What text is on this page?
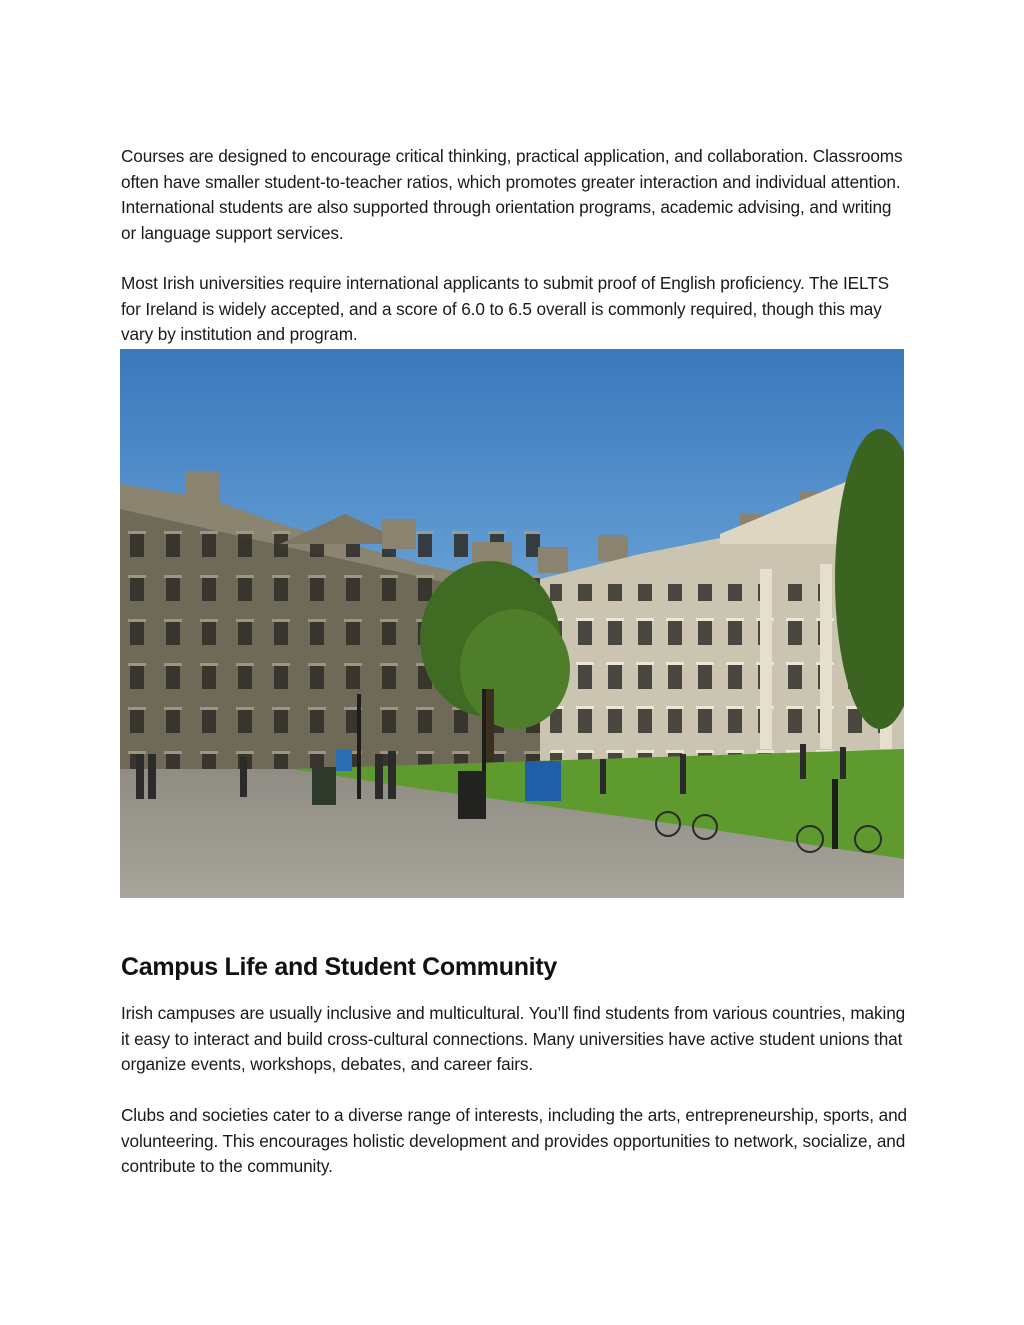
Courses are designed to encourage critical thinking, practical application, and collaboration. Classrooms often have smaller student-to-teacher ratios, which promotes greater interaction and individual attention. International students are also supported through orientation programs, academic advising, and writing or language support services.

Most Irish universities require international applicants to submit proof of English proficiency. The IELTS for Ireland is widely accepted, and a score of 6.0 to 6.5 overall is commonly required, though this may vary by institution and program.

Campus Life and Student Community

Irish campuses are usually inclusive and multicultural. You’ll find students from various countries, making it easy to interact and build cross-cultural connections. Many universities have active student unions that organize events, workshops, debates, and career fairs.

Clubs and societies cater to a diverse range of interests, including the arts, entrepreneurship, sports, and volunteering. This encourages holistic development and provides opportunities to network, socialize, and contribute to the community.
